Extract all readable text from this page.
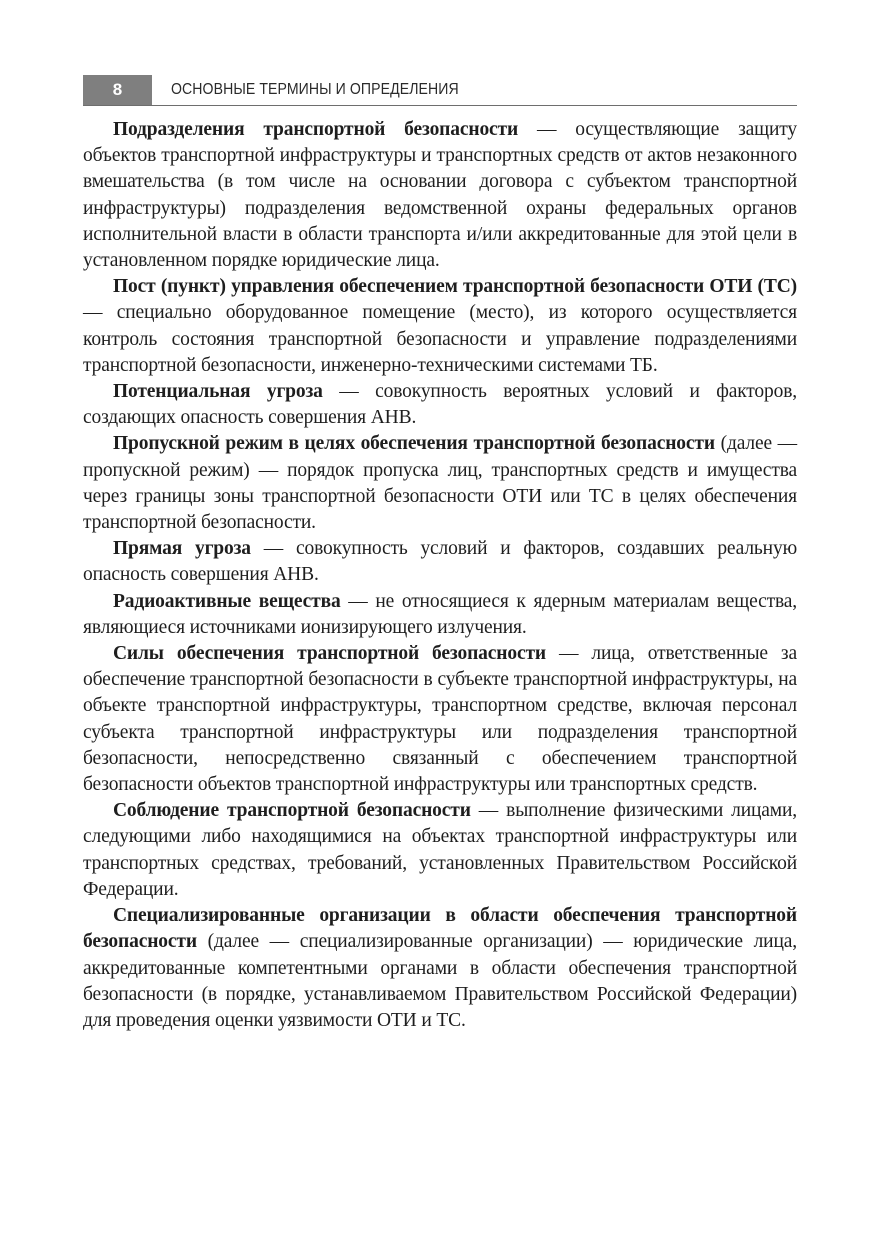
8	ОСНОВНЫЕ ТЕРМИНЫ И ОПРЕДЕЛЕНИЯ

Подразделения транспортной безопасности — осуществляющие защиту объектов транспортной инфраструктуры и транспортных средств от актов незаконного вмешательства (в том числе на основании договора с субъектом транспортной инфраструктуры) подразделения ведомственной охраны федеральных органов исполнительной власти в области транспорта и/или аккредитованные для этой цели в установленном порядке юридические лица.

Пост (пункт) управления обеспечением транспортной безопасности ОТИ (ТС) — специально оборудованное помещение (место), из которого осуществляется контроль состояния транспортной безопасности и управление подразделениями транспортной безопасности, инженерно-техническими системами ТБ.

Потенциальная угроза — совокупность вероятных условий и факторов, создающих опасность совершения АНВ.

Пропускной режим в целях обеспечения транспортной безопасности (далее — пропускной режим) — порядок пропуска лиц, транспортных средств и имущества через границы зоны транспортной безопасности ОТИ или ТС в целях обеспечения транспортной безопасности.

Прямая угроза — совокупность условий и факторов, создавших реальную опасность совершения АНВ.

Радиоактивные вещества — не относящиеся к ядерным материалам вещества, являющиеся источниками ионизирующего излучения.

Силы обеспечения транспортной безопасности — лица, ответственные за обеспечение транспортной безопасности в субъекте транспортной инфраструктуры, на объекте транспортной инфраструктуры, транспортном средстве, включая персонал субъекта транспортной инфраструктуры или подразделения транспортной безопасности, непосредственно связанный с обеспечением транспортной безопасности объектов транспортной инфраструктуры или транспортных средств.

Соблюдение транспортной безопасности — выполнение физическими лицами, следующими либо находящимися на объектах транспортной инфраструктуры или транспортных средствах, требований, установленных Правительством Российской Федерации.

Специализированные организации в области обеспечения транспортной безопасности (далее — специализированные организации) — юридические лица, аккредитованные компетентными органами в области обеспечения транспортной безопасности (в порядке, устанавливаемом Правительством Российской Федерации) для проведения оценки уязвимости ОТИ и ТС.
